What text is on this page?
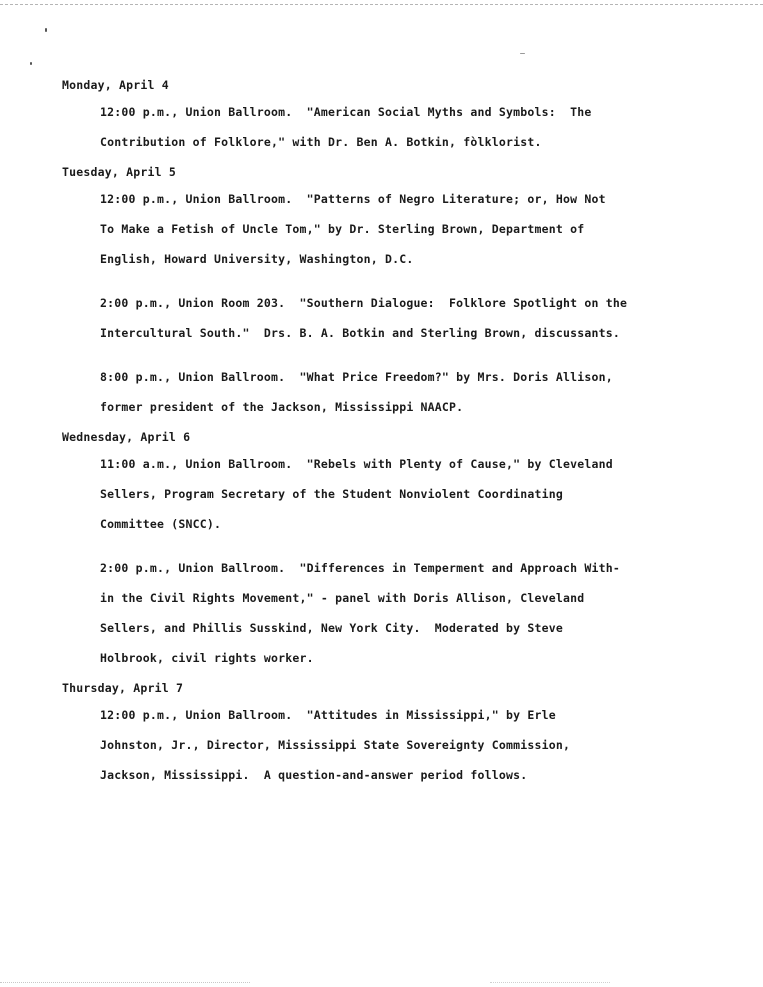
Monday, April 4
12:00 p.m., Union Ballroom.  "American Social Myths and Symbols:  The
Contribution of Folklore," with Dr. Ben A. Botkin, fòlklorist.
Tuesday, April 5
12:00 p.m., Union Ballroom.  "Patterns of Negro Literature; or, How Not
To Make a Fetish of Uncle Tom," by Dr. Sterling Brown, Department of
English, Howard University, Washington, D.C.
2:00 p.m., Union Room 203.  "Southern Dialogue:  Folklore Spotlight on the
Intercultural South."  Drs. B. A. Botkin and Sterling Brown, discussants.
8:00 p.m., Union Ballroom.  "What Price Freedom?" by Mrs. Doris Allison,
former president of the Jackson, Mississippi NAACP.
Wednesday, April 6
11:00 a.m., Union Ballroom.  "Rebels with Plenty of Cause," by Cleveland
Sellers, Program Secretary of the Student Nonviolent Coordinating
Committee (SNCC).
2:00 p.m., Union Ballroom.  "Differences in Temperment and Approach With-
in the Civil Rights Movement," - panel with Doris Allison, Cleveland
Sellers, and Phillis Susskind, New York City.  Moderated by Steve
Holbrook, civil rights worker.
Thursday, April 7
12:00 p.m., Union Ballroom.  "Attitudes in Mississippi," by Erle
Johnston, Jr., Director, Mississippi State Sovereignty Commission,
Jackson, Mississippi.  A question-and-answer period follows.
